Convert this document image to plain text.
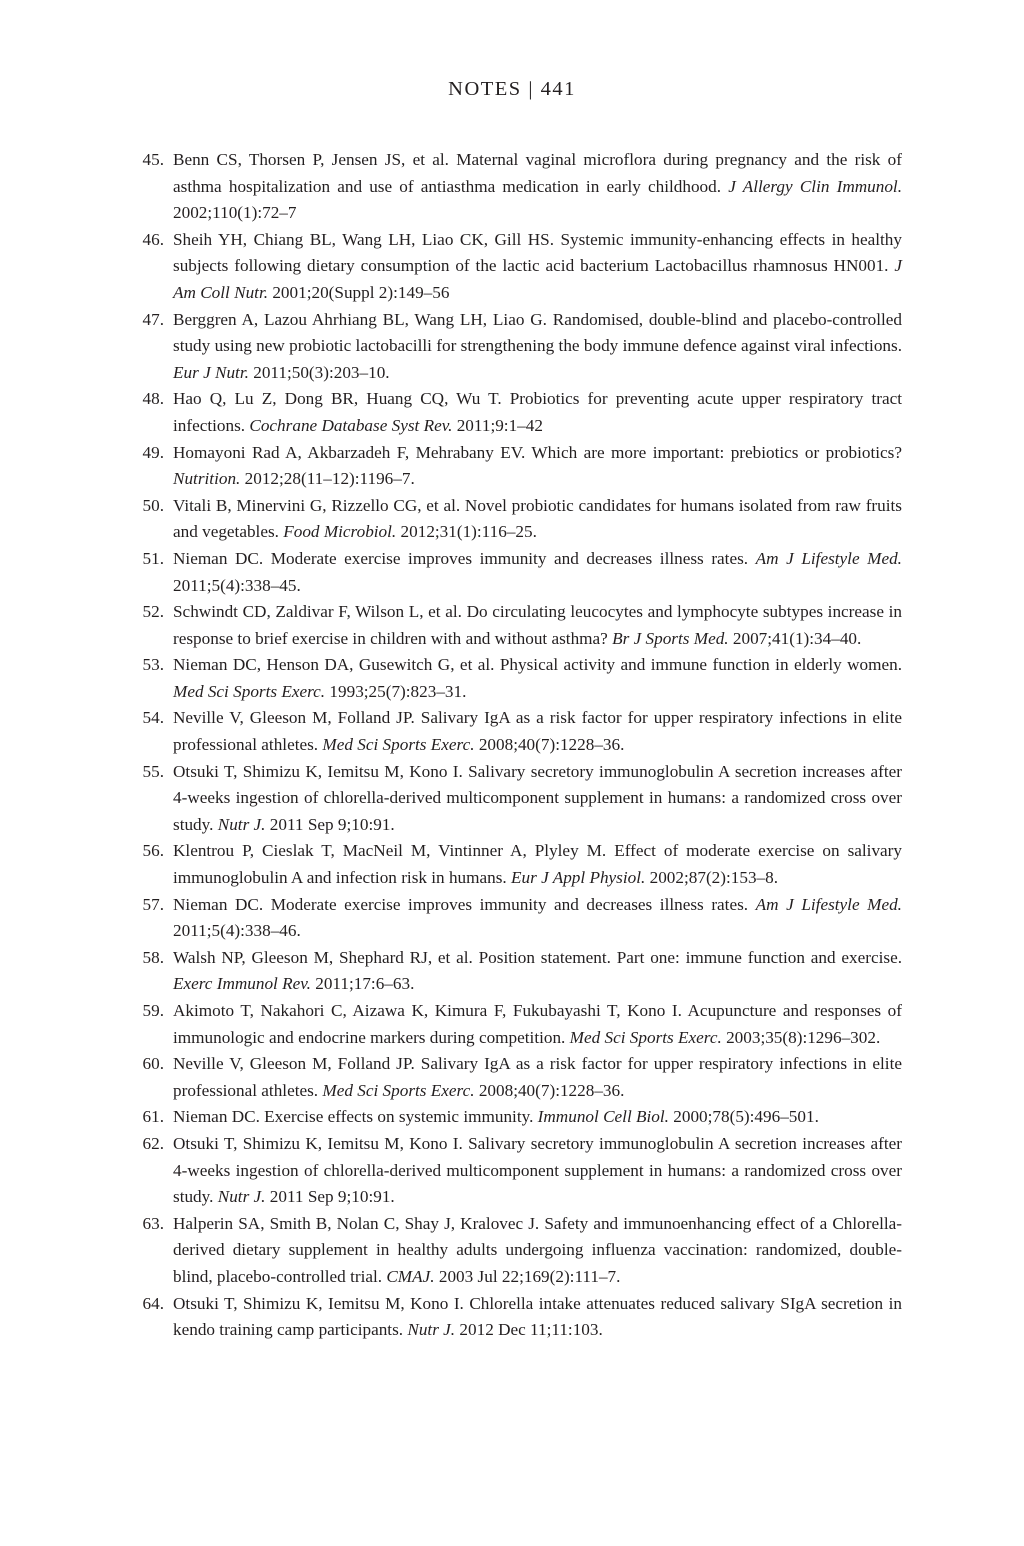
NOTES | 441
45. Benn CS, Thorsen P, Jensen JS, et al. Maternal vaginal microflora during pregnancy and the risk of asthma hospitalization and use of antiasthma medication in early childhood. J Allergy Clin Immunol. 2002;110(1):72–7
46. Sheih YH, Chiang BL, Wang LH, Liao CK, Gill HS. Systemic immunity-enhancing effects in healthy subjects following dietary consumption of the lactic acid bacterium Lactobacillus rhamnosus HN001. J Am Coll Nutr. 2001;20(Suppl 2):149–56
47. Berggren A, Lazou Ahrhiang BL, Wang LH, Liao G. Randomised, double-blind and placebo-controlled study using new probiotic lactobacilli for strengthening the body immune defence against viral infections. Eur J Nutr. 2011;50(3):203–10.
48. Hao Q, Lu Z, Dong BR, Huang CQ, Wu T. Probiotics for preventing acute upper respiratory tract infections. Cochrane Database Syst Rev. 2011;9:1–42
49. Homayoni Rad A, Akbarzadeh F, Mehrabany EV. Which are more important: prebiotics or probiotics? Nutrition. 2012;28(11–12):1196–7.
50. Vitali B, Minervini G, Rizzello CG, et al. Novel probiotic candidates for humans isolated from raw fruits and vegetables. Food Microbiol. 2012;31(1):116–25.
51. Nieman DC. Moderate exercise improves immunity and decreases illness rates. Am J Lifestyle Med. 2011;5(4):338–45.
52. Schwindt CD, Zaldivar F, Wilson L, et al. Do circulating leucocytes and lymphocyte subtypes increase in response to brief exercise in children with and without asthma? Br J Sports Med. 2007;41(1):34–40.
53. Nieman DC, Henson DA, Gusewitch G, et al. Physical activity and immune function in elderly women. Med Sci Sports Exerc. 1993;25(7):823–31.
54. Neville V, Gleeson M, Folland JP. Salivary IgA as a risk factor for upper respiratory infections in elite professional athletes. Med Sci Sports Exerc. 2008;40(7):1228–36.
55. Otsuki T, Shimizu K, Iemitsu M, Kono I. Salivary secretory immunoglobulin A secretion increases after 4-weeks ingestion of chlorella-derived multicomponent supplement in humans: a randomized cross over study. Nutr J. 2011 Sep 9;10:91.
56. Klentrou P, Cieslak T, MacNeil M, Vintinner A, Plyley M. Effect of moderate exercise on salivary immunoglobulin A and infection risk in humans. Eur J Appl Physiol. 2002;87(2):153–8.
57. Nieman DC. Moderate exercise improves immunity and decreases illness rates. Am J Lifestyle Med. 2011;5(4):338–46.
58. Walsh NP, Gleeson M, Shephard RJ, et al. Position statement. Part one: immune function and exercise. Exerc Immunol Rev. 2011;17:6–63.
59. Akimoto T, Nakahori C, Aizawa K, Kimura F, Fukubayashi T, Kono I. Acupuncture and responses of immunologic and endocrine markers during competition. Med Sci Sports Exerc. 2003;35(8):1296–302.
60. Neville V, Gleeson M, Folland JP. Salivary IgA as a risk factor for upper respiratory infections in elite professional athletes. Med Sci Sports Exerc. 2008;40(7):1228–36.
61. Nieman DC. Exercise effects on systemic immunity. Immunol Cell Biol. 2000;78(5):496–501.
62. Otsuki T, Shimizu K, Iemitsu M, Kono I. Salivary secretory immunoglobulin A secretion increases after 4-weeks ingestion of chlorella-derived multicomponent supplement in humans: a randomized cross over study. Nutr J. 2011 Sep 9;10:91.
63. Halperin SA, Smith B, Nolan C, Shay J, Kralovec J. Safety and immunoenhancing effect of a Chlorella-derived dietary supplement in healthy adults undergoing influenza vaccination: randomized, double-blind, placebo-controlled trial. CMAJ. 2003 Jul 22;169(2):111–7.
64. Otsuki T, Shimizu K, Iemitsu M, Kono I. Chlorella intake attenuates reduced salivary SIgA secretion in kendo training camp participants. Nutr J. 2012 Dec 11;11:103.
